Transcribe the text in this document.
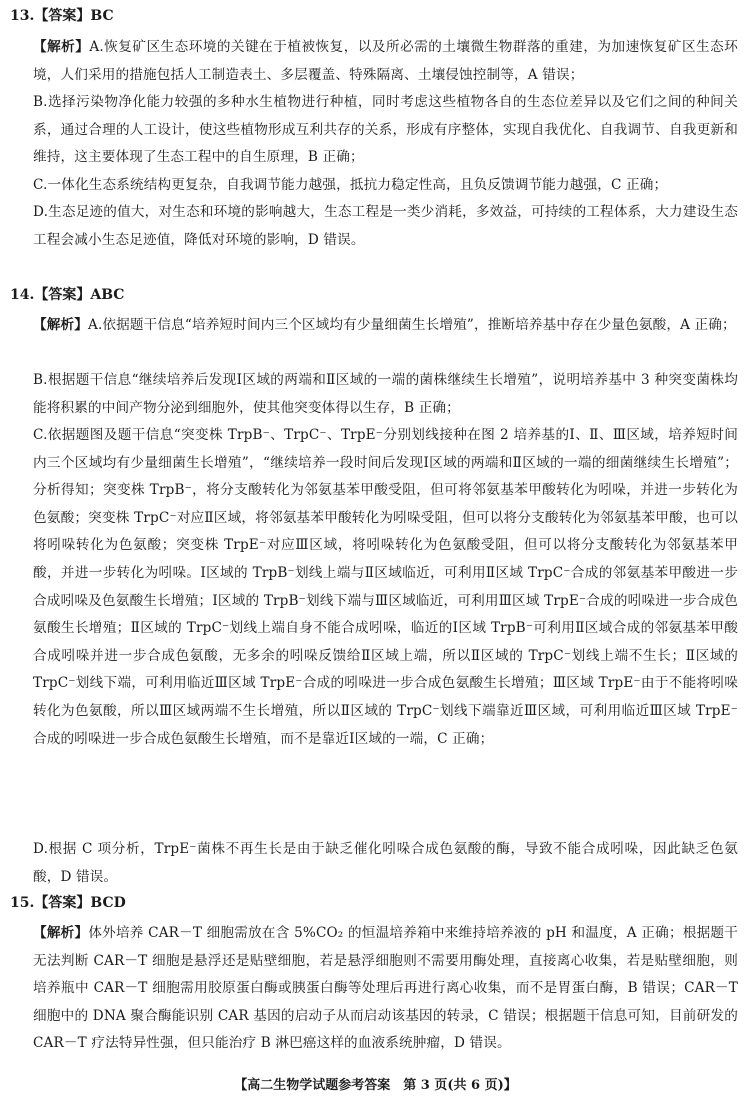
13.【答案】BC
【解析】A.恢复矿区生态环境的关键在于植被恢复，以及所必需的土壤微生物群落的重建，为加速恢复矿区生态环境，人们采用的措施包括人工制造表土、多层覆盖、特殊隔离、土壤侵蚀控制等，A 错误；
B.选择污染物净化能力较强的多种水生植物进行种植，同时考虑这些植物各自的生态位差异以及它们之间的种间关系，通过合理的人工设计，使这些植物形成互利共存的关系，形成有序整体，实现自我优化、自我调节、自我更新和维持，这主要体现了生态工程中的自生原理，B 正确；
C.一体化生态系统结构更复杂，自我调节能力越强，抵抗力稳定性高，且负反馈调节能力越强，C 正确；
D.生态足迹的值大，对生态和环境的影响越大，生态工程是一类少消耗，多效益，可持续的工程体系，大力建设生态工程会减小生态足迹值，降低对环境的影响，D 错误。
14.【答案】ABC
【解析】A.依据题干信息“培养短时间内三个区域均有少量细菌生长增殖”，推断培养基中存在少量色氨酸，A 正确；
B.根据题干信息“继续培养后发现Ⅰ区域的两端和Ⅱ区域的一端的菌株继续生长增殖”，说明培养基中 3 种突变菌株均能将积累的中间产物分泌到细胞外，使其他突变体得以生存，B 正确；
C.依据题图及题干信息“突变株 TrpB⁻、TrpC⁻、TrpE⁻分别划线接种在图 2 培养基的Ⅰ、Ⅱ、Ⅲ区域，培养短时间内三个区域均有少量细菌生长增殖”，“继续培养一段时间后发现Ⅰ区域的两端和Ⅱ区域的一端的细菌继续生长增殖”；分析得知；突变株 TrpB⁻，将分支酸转化为邻氨基苯甲酸受阻，但可将邻氨基苯甲酸转化为吲哚，并进一步转化为色氨酸；突变株 TrpC⁻对应Ⅱ区域，将邻氨基苯甲酸转化为吲哚受阻，但可以将分支酸转化为邻氨基苯甲酸，也可以将吲哚转化为色氨酸；突变株 TrpE⁻对应Ⅲ区域，将吲哚转化为色氨酸受阻，但可以将分支酸转化为邻氨基苯甲酸，并进一步转化为吲哚。Ⅰ区域的 TrpB⁻划线上端与Ⅱ区域临近，可利用Ⅱ区域 TrpC⁻合成的邻氨基苯甲酸进一步合成吲哚及色氨酸生长增殖；Ⅰ区域的 TrpB⁻划线下端与Ⅲ区域临近，可利用Ⅲ区域 TrpE⁻合成的吲哚进一步合成色氨酸生长增殖；Ⅱ区域的 TrpC⁻划线上端自身不能合成吲哚，临近的Ⅰ区域 TrpB⁻可利用Ⅱ区域合成的邻氨基苯甲酸合成吲哚并进一步合成色氨酸，无多余的吲哚反馈给Ⅱ区域上端，所以Ⅱ区域的 TrpC⁻划线上端不生长；Ⅱ区域的 TrpC⁻划线下端，可利用临近Ⅲ区域 TrpE⁻合成的吲哚进一步合成色氨酸生长增殖；Ⅲ区域 TrpE⁻由于不能将吲哚转化为色氨酸，所以Ⅲ区域两端不生长增殖，所以Ⅱ区域的 TrpC⁻划线下端靠近Ⅲ区域，可利用临近Ⅲ区域 TrpE⁻合成的吲哚进一步合成色氨酸生长增殖，而不是靠近Ⅰ区域的一端，C 正确；
D.根据 C 项分析，TrpE⁻菌株不再生长是由于缺乏催化吲哚合成色氨酸的酶，导致不能合成吲哚，因此缺乏色氨酸，D 错误。
15.【答案】BCD
【解析】体外培养 CAR－T 细胞需放在含 5%CO₂ 的恒温培养箱中来维持培养液的 pH 和温度，A 正确；根据题干无法判断 CAR－T 细胞是悬浮还是贴壁细胞，若是悬浮细胞则不需要用酶处理，直接离心收集，若是贴壁细胞，则培养瓶中 CAR－T 细胞需用胶原蛋白酶或胰蛋白酶等处理后再进行离心收集，而不是胃蛋白酶，B 错误；CAR－T 细胞中的 DNA 聚合酶能识别 CAR 基因的启动子从而启动该基因的转录，C 错误；根据题干信息可知，目前研发的 CAR－T 疗法特异性强，但只能治疗 B 淋巴癌这样的血液系统肿瘤，D 错误。
【高二生物学试题参考答案　第 3 页(共 6 页)】
